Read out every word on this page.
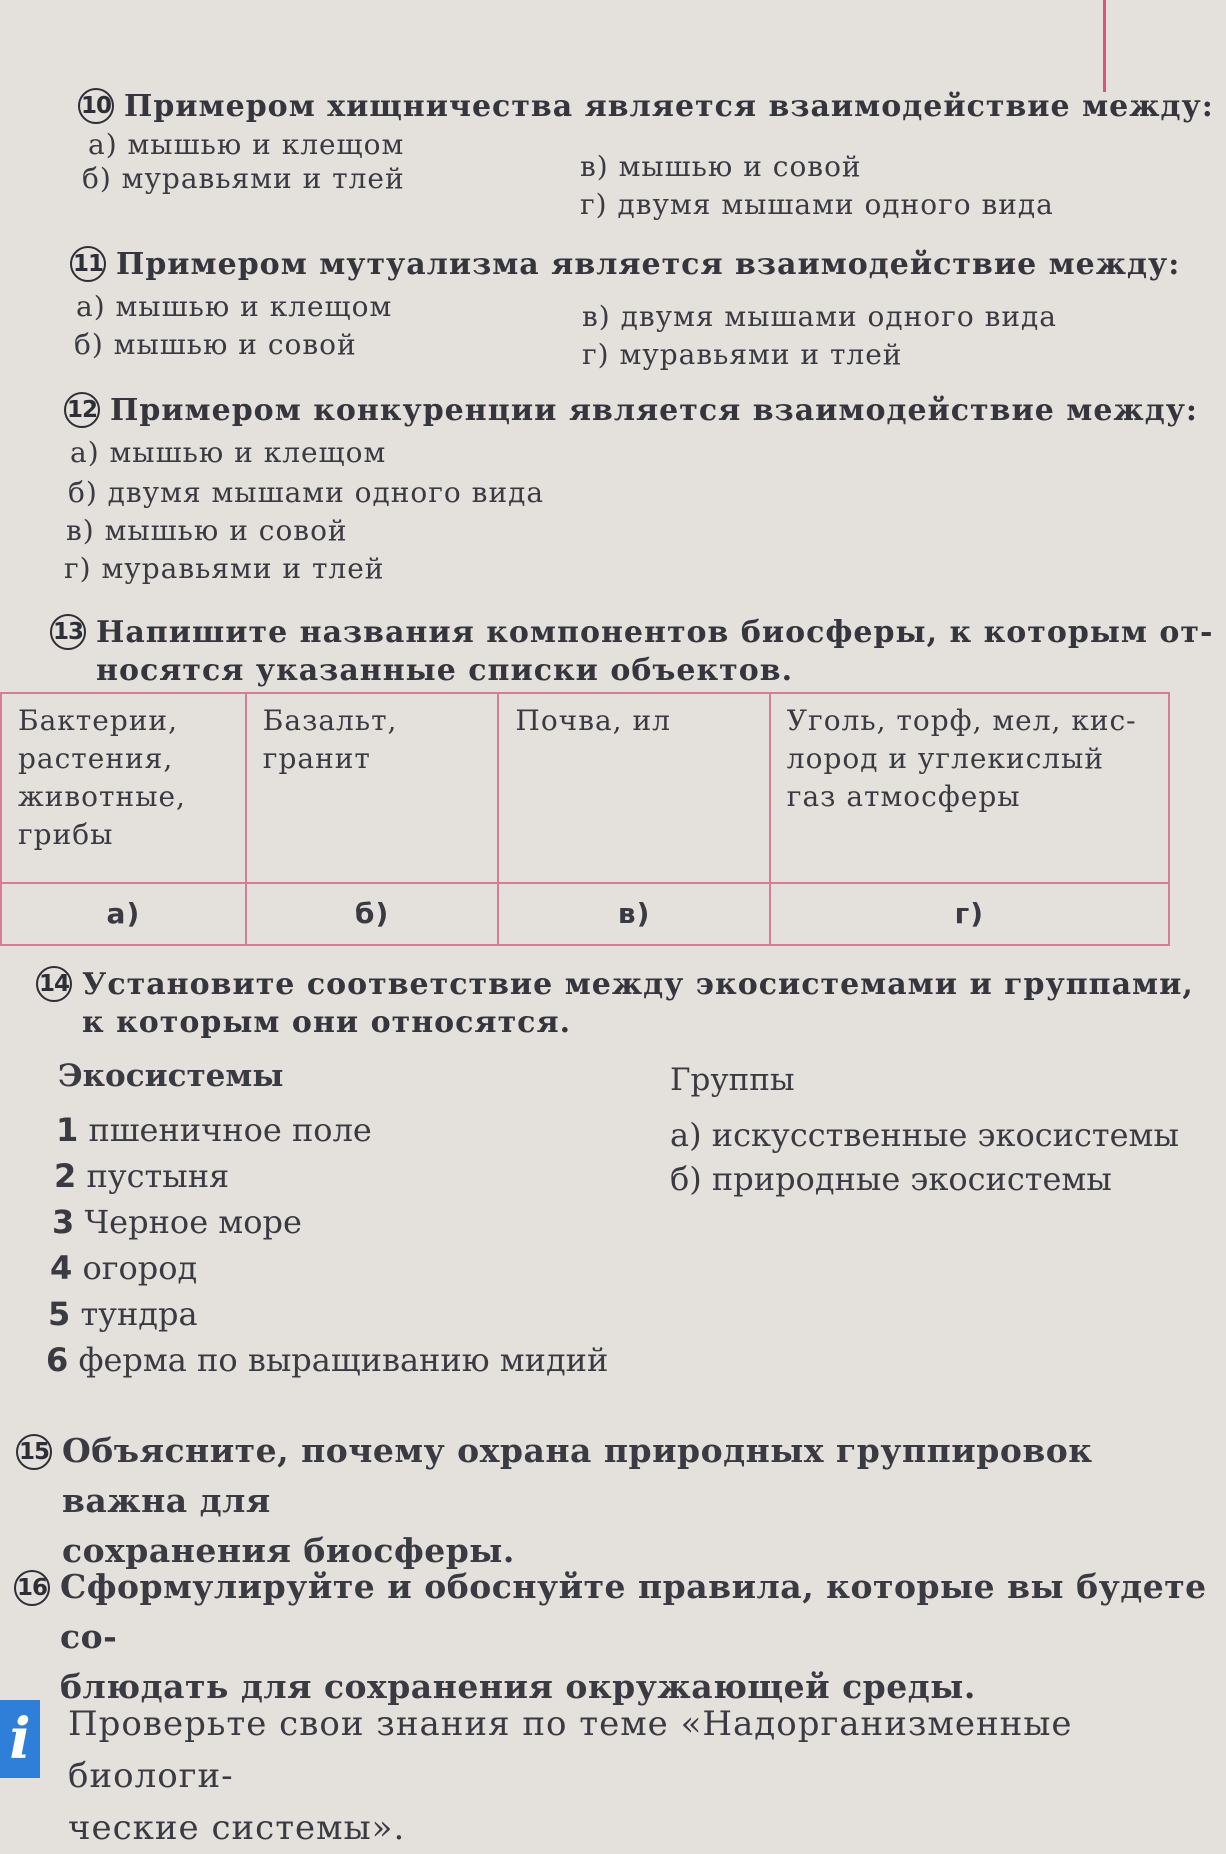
10 Примером хищничества является взаимодействие между:
а) мышью и клещом
б) муравьями и тлей	в) мышью и совой
г) двумя мышами одного вида
11 Примером мутуализма является взаимодействие между:
а) мышью и клещом
б) мышью и совой
в) двумя мышами одного вида
г) муравьями и тлей
12 Примером конкуренции является взаимодействие между:
а) мышью и клещом
б) двумя мышами одного вида
в) мышью и совой
г) муравьями и тлей
13 Напишите названия компонентов биосферы, к которым от-
носятся указанные списки объектов.
Бактерии, растения, животные, грибы	Базальт, гранит	Почва, ил	Уголь, торф, мел, кис-лород и углекислый газ атмосферы
а)	б)	в)	г)
14 Установите соответствие между экосистемами и группами,
к которым они относятся.
Экосистемы	Группы
1 пшеничное поле
2 пустыня
3 Черное море
4 огород
5 тундра
6 ферма по выращиванию мидий
а) искусственные экосистемы
б) природные экосистемы
15 Объясните, почему охрана природных группировок важна для
сохранения биосферы.
16 Сформулируйте и обоснуйте правила, которые вы будете со-
блюдать для сохранения окружающей среды.
i Проверьте свои знания по теме «Надорганизменные биологи-
ческие системы».
